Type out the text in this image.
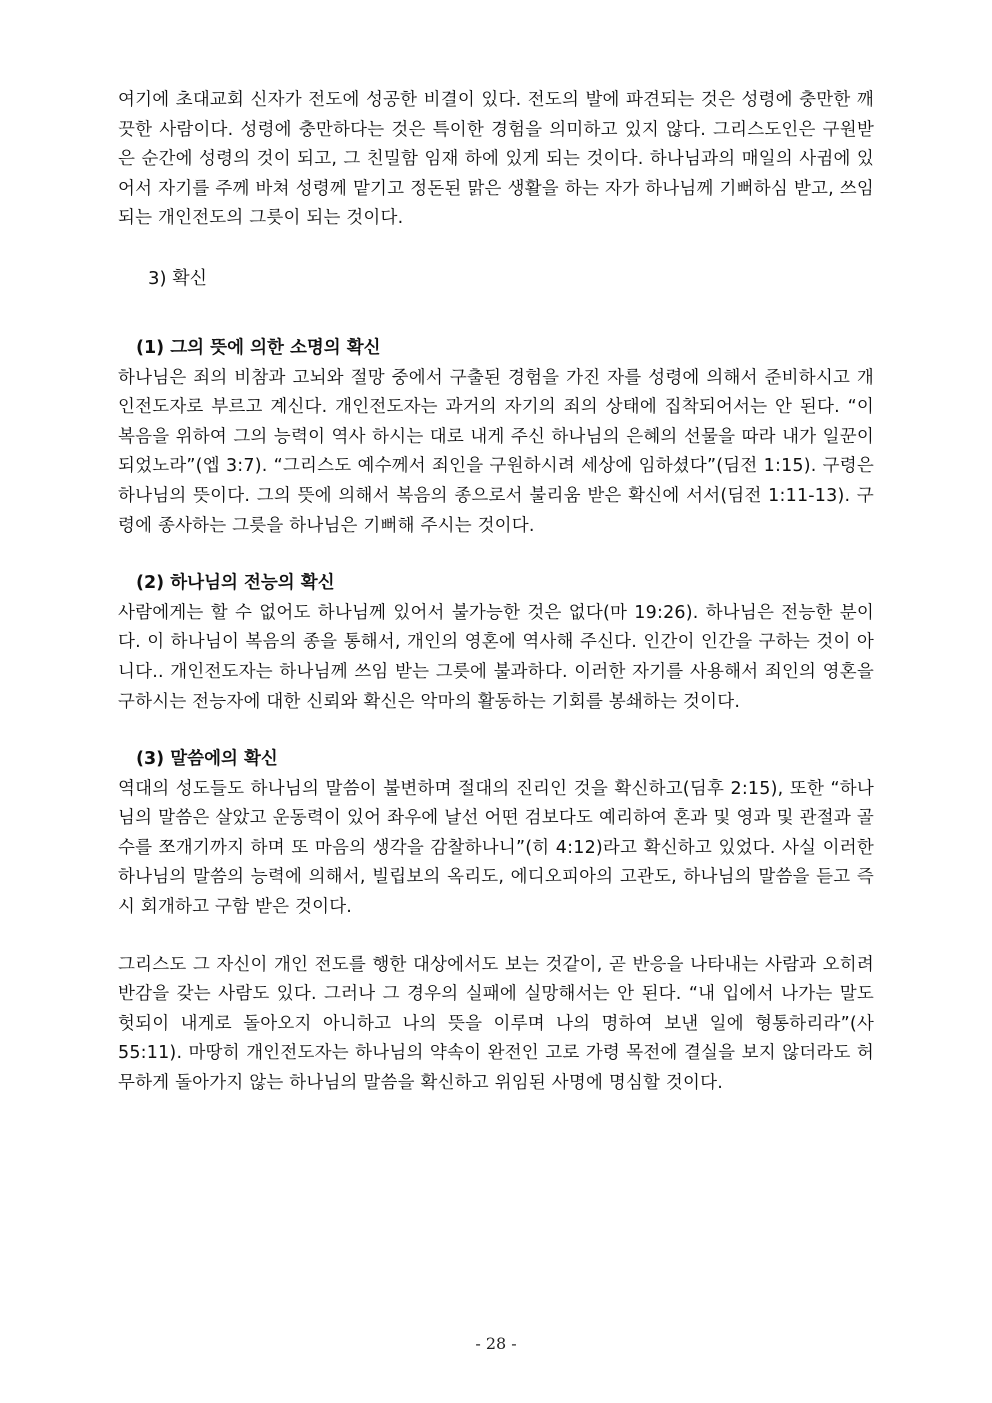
여기에 초대교회 신자가 전도에 성공한 비결이 있다. 전도의 발에 파견되는 것은 성령에 충만한 깨끗한 사람이다. 성령에 충만하다는 것은 특이한 경험을 의미하고 있지 않다. 그리스도인은 구원받은 순간에 성령의 것이 되고, 그 친밀함 임재 하에 있게 되는 것이다. 하나님과의 매일의 사귐에 있어서 자기를 주께 바쳐 성령께 맡기고 정돈된 맑은 생활을 하는 자가 하나님께 기뻐하심 받고, 쓰임 되는 개인전도의 그릇이 되는 것이다.

3) 확신

(1) 그의 뜻에 의한 소명의 확신

하나님은 죄의 비참과 고뇌와 절망 중에서 구출된 경험을 가진 자를 성령에 의해서 준비하시고 개인전도자로 부르고 계신다. 개인전도자는 과거의 자기의 죄의 상태에 집착되어서는 안 된다. “이 복음을 위하여 그의 능력이 역사 하시는 대로 내게 주신 하나님의 은혜의 선물을 따라 내가 일꾼이 되었노라”(엡 3:7). “그리스도 예수께서 죄인을 구원하시려 세상에 임하셨다”(딤전 1:15). 구령은 하나님의 뜻이다. 그의 뜻에 의해서 복음의 종으로서 불리움 받은 확신에 서서(딤전 1:11-13). 구령에 종사하는 그릇을 하나님은 기뻐해 주시는 것이다.

(2) 하나님의 전능의 확신

사람에게는 할 수 없어도 하나님께 있어서 불가능한 것은 없다(마 19:26). 하나님은 전능한 분이다. 이 하나님이 복음의 종을 통해서, 개인의 영혼에 역사해 주신다. 인간이 인간을 구하는 것이 아니다.. 개인전도자는 하나님께 쓰임 받는 그릇에 불과하다. 이러한 자기를 사용해서 죄인의 영혼을 구하시는 전능자에 대한 신뢰와 확신은 악마의 활동하는 기회를 봉쇄하는 것이다.

(3) 말씀에의 확신

역대의 성도들도 하나님의 말씀이 불변하며 절대의 진리인 것을 확신하고(딤후 2:15), 또한 “하나님의 말씀은 살았고 운동력이 있어 좌우에 날선 어떤 검보다도 예리하여 혼과 및 영과 및 관절과 골수를 쪼개기까지 하며 또 마음의 생각을 감찰하나니”(히 4:12)라고 확신하고 있었다. 사실 이러한 하나님의 말씀의 능력에 의해서, 빌립보의 옥리도, 에디오피아의 고관도, 하나님의 말씀을 듣고 즉시 회개하고 구함 받은 것이다.

그리스도 그 자신이 개인 전도를 행한 대상에서도 보는 것같이, 곧 반응을 나타내는 사람과 오히려 반감을 갖는 사람도 있다. 그러나 그 경우의 실패에 실망해서는 안 된다. “내 입에서 나가는 말도 헛되이 내게로 돌아오지 아니하고 나의 뜻을 이루며 나의 명하여 보낸 일에 형통하리라”(사 55:11). 마땅히 개인전도자는 하나님의 약속이 완전인 고로 가령 목전에 결실을 보지 않더라도 허무하게 돌아가지 않는 하나님의 말씀을 확신하고 위임된 사명에 명심할 것이다.

- 28 -
